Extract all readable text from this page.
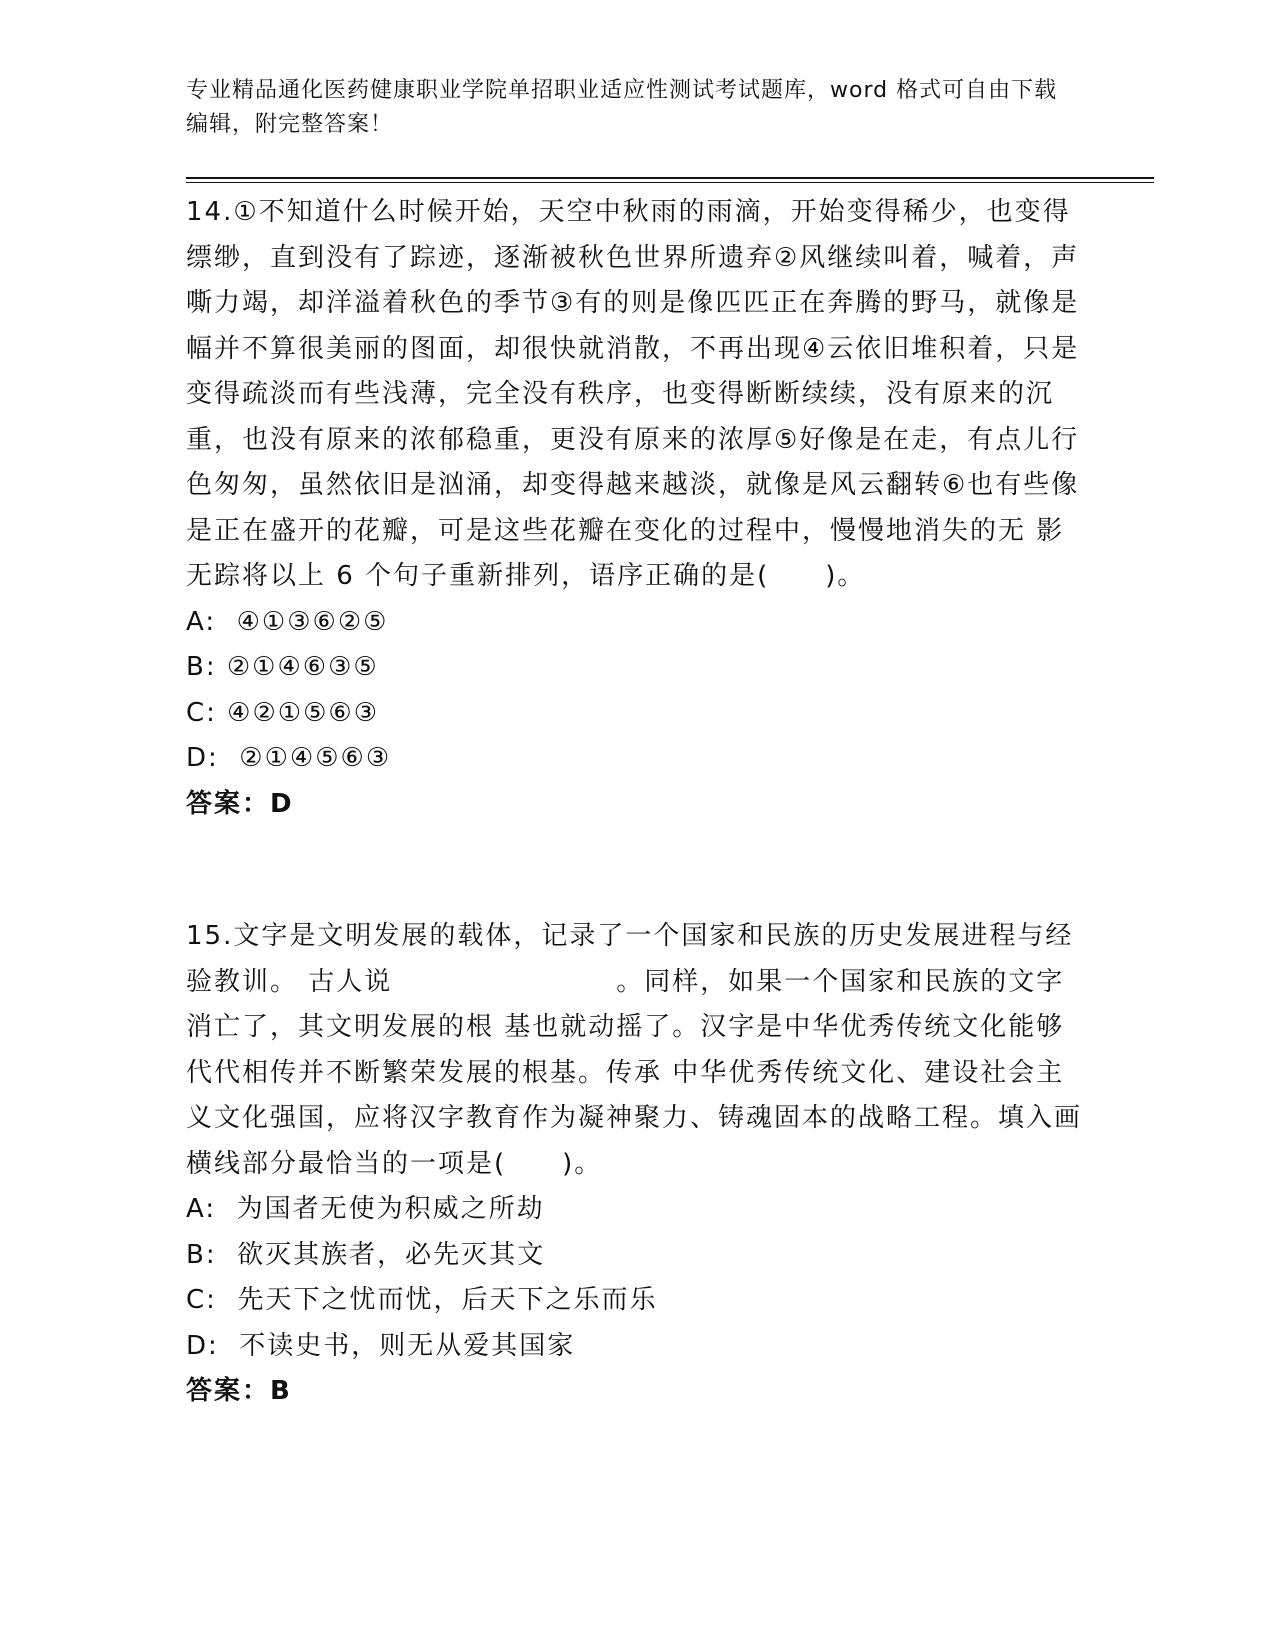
专业精品通化医药健康职业学院单招职业适应性测试考试题库，word 格式可自由下载编辑，附完整答案！

14.①不知道什么时候开始，天空中秋雨的雨滴，开始变得稀少，也变得缥缈，直到没有了踪迹，逐渐被秋色世界所遗弃②风继续叫着，喊着，声嘶力竭，却洋溢着秋色的季节③有的则是像匹匹正在奔腾的野马，就像是幅并不算很美丽的图面，却很快就消散，不再出现④云依旧堆积着，只是变得疏淡而有些浅薄，完全没有秩序，也变得断断续续，没有原来的沉重，也没有原来的浓郁稳重，更没有原来的浓厚⑤好像是在走，有点儿行色匆匆，虽然依旧是汹涌，却变得越来越淡，就像是风云翻转⑥也有些像是正在盛开的花瓣，可是这些花瓣在变化的过程中，慢慢地消失的无 影无踪将以上 6 个句子重新排列，语序正确的是(　　)。

A:  ④①③⑥②⑤

B: ②①④⑥③⑤

C: ④②①⑤⑥③

D:  ②①④⑤⑥③

答案：D

15.文字是文明发展的载体，记录了一个国家和民族的历史发展进程与经验教训。 古人说　　　　　　　　。同样，如果一个国家和民族的文字消亡了，其文明发展的根 基也就动摇了。汉字是中华优秀传统文化能够代代相传并不断繁荣发展的根基。传承 中华优秀传统文化、建设社会主义文化强国，应将汉字教育作为凝神聚力、铸魂固本的战略工程。填入画横线部分最恰当的一项是(　　)。

A:  为国者无使为积威之所劫

B:  欲灭其族者，必先灭其文

C:  先天下之忧而忧，后天下之乐而乐

D:  不读史书，则无从爱其国家

答案：B
